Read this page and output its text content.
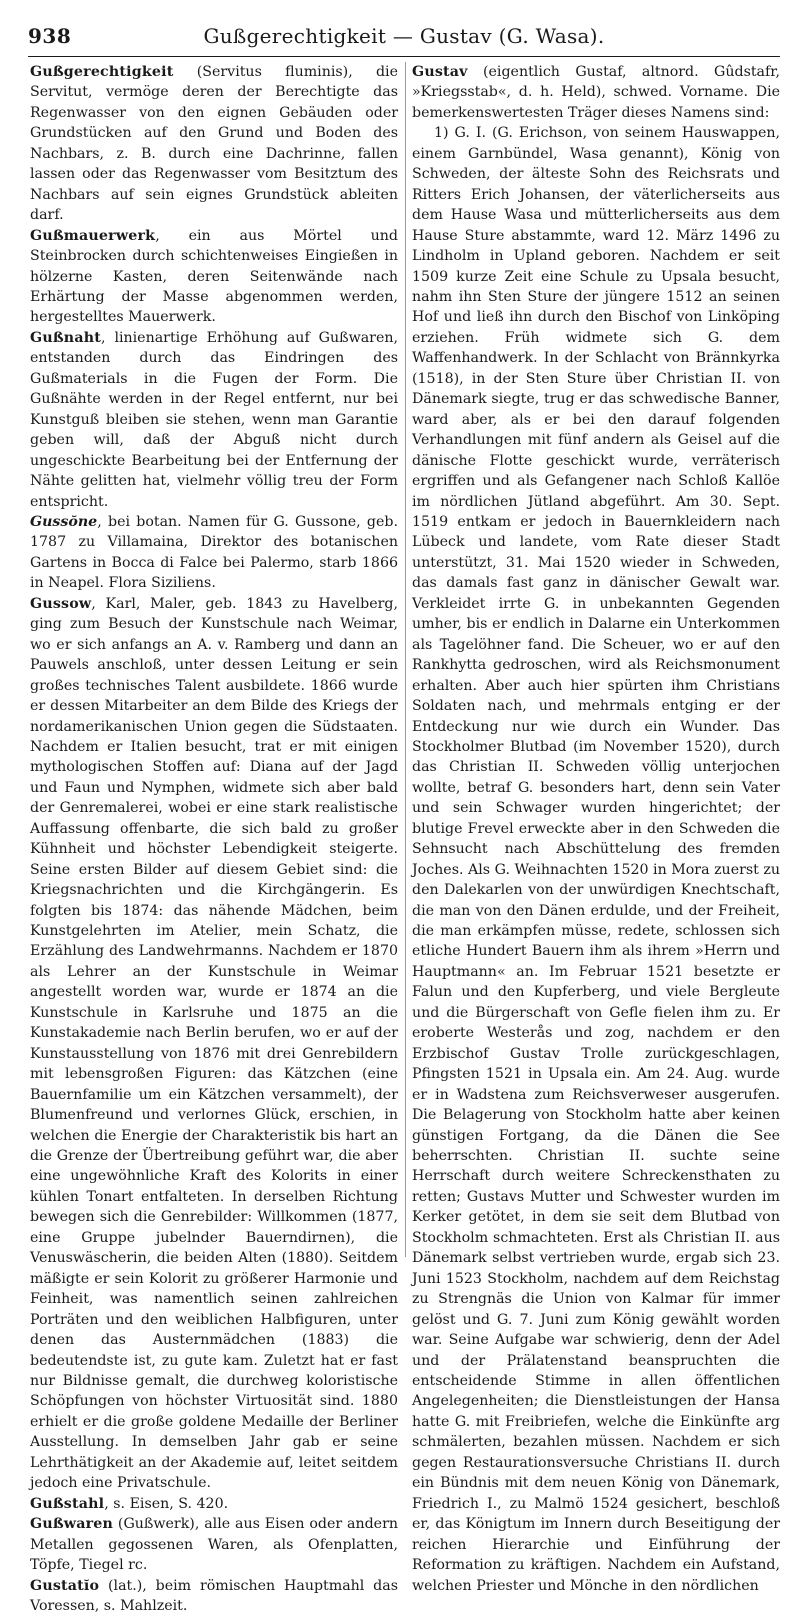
938	Gußgerechtigkeit — Gustav (G. Wasa).

Gußgerechtigkeit (Servitus fluminis), die Servitut, vermöge deren der Berechtigte das Regenwasser von den eignen Gebäuden oder Grundstücken auf den Grund und Boden des Nachbars, z. B. durch eine Dachrinne, fallen lassen oder das Regenwasser vom Besitztum des Nachbars auf sein eignes Grundstück ableiten darf.

Gußmauerwerk, ein aus Mörtel und Steinbrocken durch schichtenweises Eingießen in hölzerne Kasten, deren Seitenwände nach Erhärtung der Masse abgenommen werden, hergestelltes Mauerwerk.

Gußnaht, linienartige Erhöhung auf Gußwaren, entstanden durch das Eindringen des Gußmaterials in die Fugen der Form. Die Gußnähte werden in der Regel entfernt, nur bei Kunstguß bleiben sie stehen, wenn man Garantie geben will, daß der Abguß nicht durch ungeschickte Bearbeitung bei der Entfernung der Nähte gelitten hat, vielmehr völlig treu der Form entspricht.

Gussŏne, bei botan. Namen für G. Gussone, geb. 1787 zu Villamaina, Direktor des botanischen Gartens in Bocca di Falce bei Palermo, starb 1866 in Neapel. Flora Siziliens.

Gussow, Karl, Maler, geb. 1843 zu Havelberg, ging zum Besuch der Kunstschule nach Weimar, wo er sich anfangs an A. v. Ramberg und dann an Pauwels anschloß, unter dessen Leitung er sein großes technisches Talent ausbildete. 1866 wurde er dessen Mitarbeiter an dem Bilde des Kriegs der nordamerikanischen Union gegen die Südstaaten. Nachdem er Italien besucht, trat er mit einigen mythologischen Stoffen auf: Diana auf der Jagd und Faun und Nymphen, widmete sich aber bald der Genremalerei, wobei er eine stark realistische Auffassung offenbarte, die sich bald zu großer Kühnheit und höchster Lebendigkeit steigerte. Seine ersten Bilder auf diesem Gebiet sind: die Kriegsnachrichten und die Kirchgängerin. Es folgten bis 1874: das nähende Mädchen, beim Kunstgelehrten im Atelier, mein Schatz, die Erzählung des Landwehrmanns. Nachdem er 1870 als Lehrer an der Kunstschule in Weimar angestellt worden war, wurde er 1874 an die Kunstschule in Karlsruhe und 1875 an die Kunstakademie nach Berlin berufen, wo er auf der Kunstausstellung von 1876 mit drei Genrebildern mit lebensgroßen Figuren: das Kätzchen (eine Bauernfamilie um ein Kätzchen versammelt), der Blumenfreund und verlornes Glück, erschien, in welchen die Energie der Charakteristik bis hart an die Grenze der Übertreibung geführt war, die aber eine ungewöhnliche Kraft des Kolorits in einer kühlen Tonart entfalteten. In derselben Richtung bewegen sich die Genrebilder: Willkommen (1877, eine Gruppe jubelnder Bauerndirnen), die Venuswäscherin, die beiden Alten (1880). Seitdem mäßigte er sein Kolorit zu größerer Harmonie und Feinheit, was namentlich seinen zahlreichen Porträten und den weiblichen Halbfiguren, unter denen das Austernmädchen (1883) die bedeutendste ist, zu gute kam. Zuletzt hat er fast nur Bildnisse gemalt, die durchweg koloristische Schöpfungen von höchster Virtuosität sind. 1880 erhielt er die große goldene Medaille der Berliner Ausstellung. In demselben Jahr gab er seine Lehrthätigkeit an der Akademie auf, leitet seitdem jedoch eine Privatschule.

Gußstahl, s. Eisen, S. 420.

Gußwaren (Gußwerk), alle aus Eisen oder andern Metallen gegossenen Waren, als Ofenplatten, Töpfe, Tiegel rc.

Gustatĭo (lat.), beim römischen Hauptmahl das Voressen, s. Mahlzeit.

Gustav (eigentlich Gustaf, altnord. Gûdstafr, »Kriegsstab«, d. h. Held), schwed. Vorname. Die bemerkenswertesten Träger dieses Namens sind:

1) G. I. (G. Erichson, von seinem Hauswappen, einem Garnbündel, Wasa genannt), König von Schweden, der älteste Sohn des Reichsrats und Ritters Erich Johansen, der väterlicherseits aus dem Hause Wasa und mütterlicherseits aus dem Hause Sture abstammte, ward 12. März 1496 zu Lindholm in Upland geboren. Nachdem er seit 1509 kurze Zeit eine Schule zu Upsala besucht, nahm ihn Sten Sture der jüngere 1512 an seinen Hof und ließ ihn durch den Bischof von Linköping erziehen. Früh widmete sich G. dem Waffenhandwerk. In der Schlacht von Brännkyrka (1518), in der Sten Sture über Christian II. von Dänemark siegte, trug er das schwedische Banner, ward aber, als er bei den darauf folgenden Verhandlungen mit fünf andern als Geisel auf die dänische Flotte geschickt wurde, verräterisch ergriffen und als Gefangener nach Schloß Kallöe im nördlichen Jütland abgeführt. Am 30. Sept. 1519 entkam er jedoch in Bauernkleidern nach Lübeck und landete, vom Rate dieser Stadt unterstützt, 31. Mai 1520 wieder in Schweden, das damals fast ganz in dänischer Gewalt war. Verkleidet irrte G. in unbekannten Gegenden umher, bis er endlich in Dalarne ein Unterkommen als Tagelöhner fand. Die Scheuer, wo er auf den Rankhytta gedroschen, wird als Reichsmonument erhalten. Aber auch hier spürten ihm Christians Soldaten nach, und mehrmals entging er der Entdeckung nur wie durch ein Wunder. Das Stockholmer Blutbad (im November 1520), durch das Christian II. Schweden völlig unterjochen wollte, betraf G. besonders hart, denn sein Vater und sein Schwager wurden hingerichtet; der blutige Frevel erweckte aber in den Schweden die Sehnsucht nach Abschüttelung des fremden Joches. Als G. Weihnachten 1520 in Mora zuerst zu den Dalekarlen von der unwürdigen Knechtschaft, die man von den Dänen erdulde, und der Freiheit, die man erkämpfen müsse, redete, schlossen sich etliche Hundert Bauern ihm als ihrem »Herrn und Hauptmann« an. Im Februar 1521 besetzte er Falun und den Kupferberg, und viele Bergleute und die Bürgerschaft von Gefle fielen ihm zu. Er eroberte Westerås und zog, nachdem er den Erzbischof Gustav Trolle zurückgeschlagen, Pfingsten 1521 in Upsala ein. Am 24. Aug. wurde er in Wadstena zum Reichsverweser ausgerufen. Die Belagerung von Stockholm hatte aber keinen günstigen Fortgang, da die Dänen die See beherrschten. Christian II. suchte seine Herrschaft durch weitere Schreckensthaten zu retten; Gustavs Mutter und Schwester wurden im Kerker getötet, in dem sie seit dem Blutbad von Stockholm schmachteten. Erst als Christian II. aus Dänemark selbst vertrieben wurde, ergab sich 23. Juni 1523 Stockholm, nachdem auf dem Reichstag zu Strengnäs die Union von Kalmar für immer gelöst und G. 7. Juni zum König gewählt worden war. Seine Aufgabe war schwierig, denn der Adel und der Prälatenstand beanspruchten die entscheidende Stimme in allen öffentlichen Angelegenheiten; die Dienstleistungen der Hansa hatte G. mit Freibriefen, welche die Einkünfte arg schmälerten, bezahlen müssen. Nachdem er sich gegen Restaurationsversuche Christians II. durch ein Bündnis mit dem neuen König von Dänemark, Friedrich I., zu Malmö 1524 gesichert, beschloß er, das Königtum im Innern durch Beseitigung der reichen Hierarchie und Einführung der Reformation zu kräftigen. Nachdem ein Aufstand, welchen Priester und Mönche in den nördlichen
